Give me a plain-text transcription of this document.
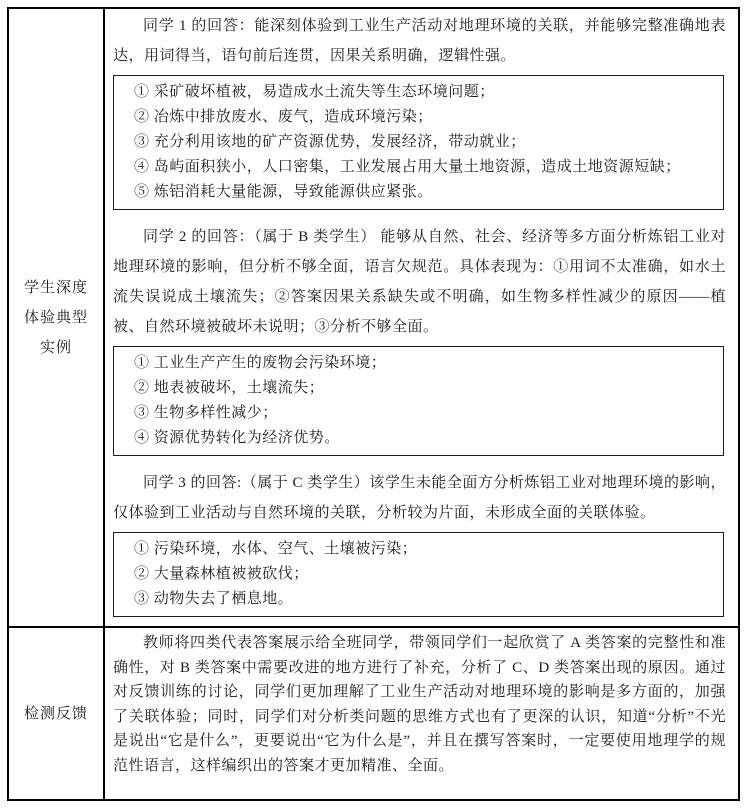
学生深度体验典型实例

同学 1 的回答：能深刻体验到工业生产活动对地理环境的关联，并能够完整准确地表达，用词得当，语句前后连贯，因果关系明确，逻辑性强。

① 采矿破坏植被，易造成水土流失等生态环境问题；
② 冶炼中排放废水、废气，造成环境污染；
③ 充分利用该地的矿产资源优势，发展经济，带动就业；
④ 岛屿面积狭小，人口密集，工业发展占用大量土地资源，造成土地资源短缺；
⑤ 炼铝消耗大量能源，导致能源供应紧张。

同学 2 的回答：（属于 B 类学生） 能够从自然、社会、经济等多方面分析炼铝工业对地理环境的影响，但分析不够全面，语言欠规范。具体表现为：①用词不太准确，如水土流失误说成土壤流失；②答案因果关系缺失或不明确，如生物多样性减少的原因——植被、自然环境被破坏未说明；③分析不够全面。

① 工业生产产生的废物会污染环境；
② 地表被破坏，土壤流失；
③ 生物多样性减少；
④ 资源优势转化为经济优势。

同学 3 的回答:（属于 C 类学生）该学生未能全面方分析炼铝工业对地理环境的影响，仅体验到工业活动与自然环境的关联，分析较为片面，未形成全面的关联体验。

① 污染环境，水体、空气、土壤被污染；
② 大量森林植被被砍伐；
③ 动物失去了栖息地。
检测反馈

教师将四类代表答案展示给全班同学，带领同学们一起欣赏了 A 类答案的完整性和准确性，对 B 类答案中需要改进的地方进行了补充，分析了 C、D 类答案出现的原因。通过对反馈训练的讨论，同学们更加理解了工业生产活动对地理环境的影响是多方面的，加强了关联体验；同时，同学们对分析类问题的思维方式也有了更深的认识，知道“分析”不光是说出“它是什么”，更要说出“它为什么是”，并且在撰写答案时，一定要使用地理学的规范性语言，这样编织出的答案才更加精准、全面。
